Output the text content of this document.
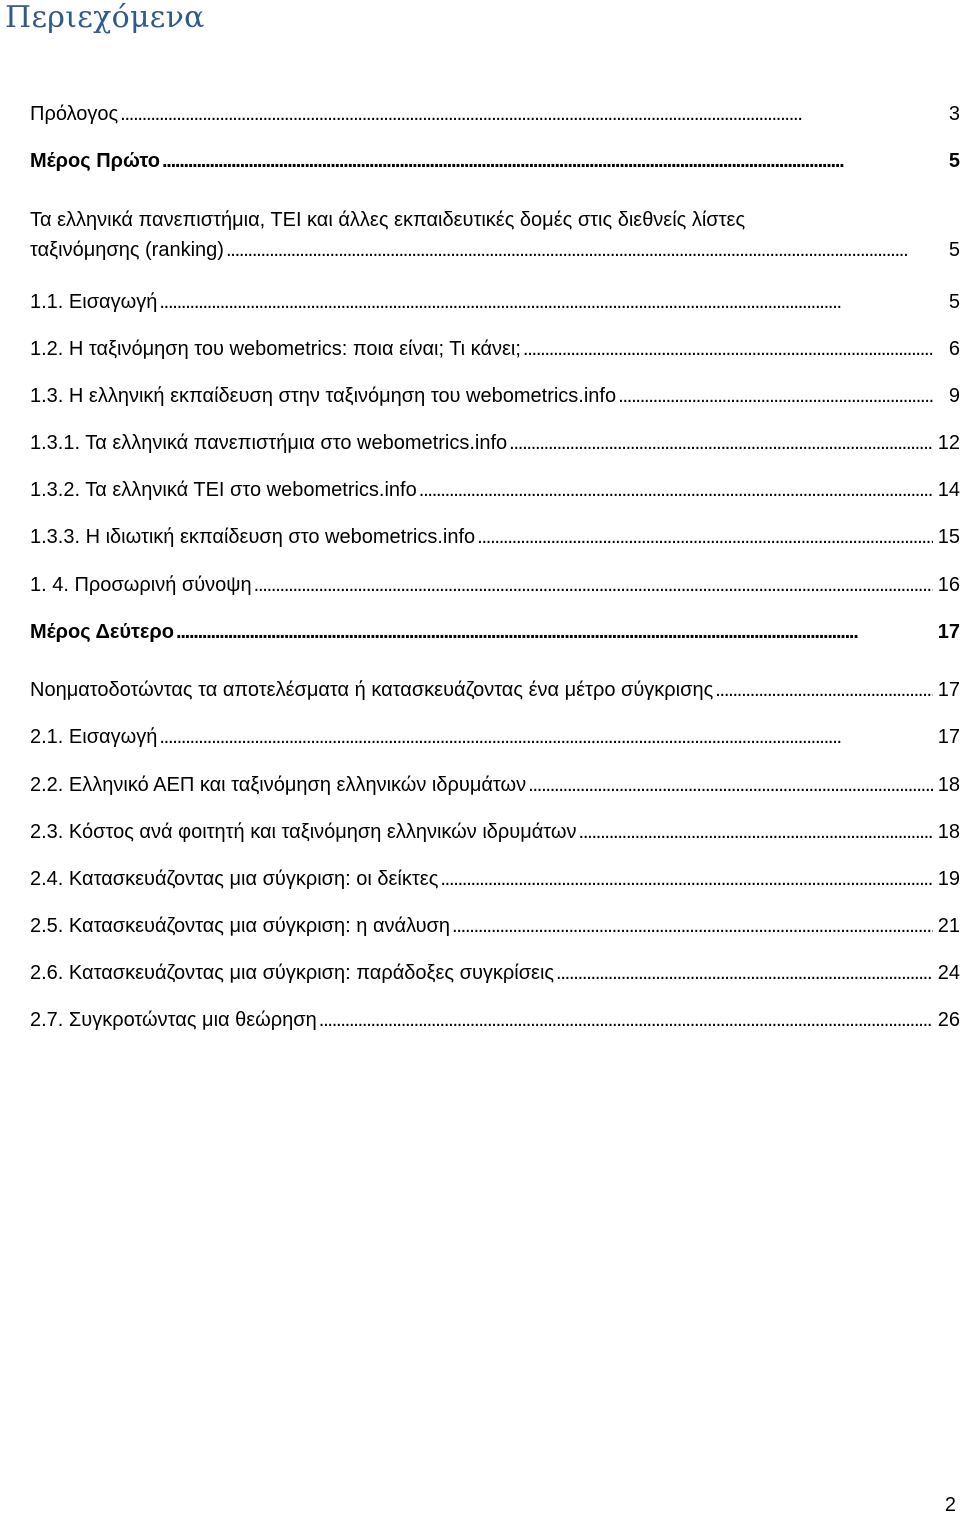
Περιεχόμενα
Πρόλογος . . .	3
Μέρος Πρώτο . . .	5
Τα ελληνικά πανεπιστήμια, ΤΕΙ και άλλες εκπαιδευτικές δομές στις διεθνείς λίστες
ταξινόμησης (ranking) . . .	5
1.1. Εισαγωγή . . .	5
1.2. Η ταξινόμηση του webometrics: ποια είναι; Τι κάνει; . . .	6
1.3. Η ελληνική εκπαίδευση στην ταξινόμηση του webometrics.info . . .	9
1.3.1. Τα ελληνικά πανεπιστήμια στο webometrics.info . . .	12
1.3.2. Τα ελληνικά ΤΕΙ στο webometrics.info . . .	14
1.3.3. Η ιδιωτική εκπαίδευση στο webometrics.info . . .	15
1. 4. Προσωρινή σύνοψη . . .	16
Μέρος Δεύτερο . . .	17
Νοηματοδοτώντας τα αποτελέσματα ή κατασκευάζοντας ένα μέτρο σύγκρισης . . .	17
2.1. Εισαγωγή . . .	17
2.2. Ελληνικό ΑΕΠ και ταξινόμηση ελληνικών ιδρυμάτων . . .	18
2.3. Κόστος ανά φοιτητή και ταξινόμηση ελληνικών ιδρυμάτων . . .	18
2.4. Κατασκευάζοντας μια σύγκριση: οι δείκτες . . .	19
2.5. Κατασκευάζοντας μια σύγκριση: η ανάλυση . . .	21
2.6. Κατασκευάζοντας μια σύγκριση: παράδοξες συγκρίσεις . . .	24
2.7. Συγκροτώντας μια θεώρηση . . .	26
2
